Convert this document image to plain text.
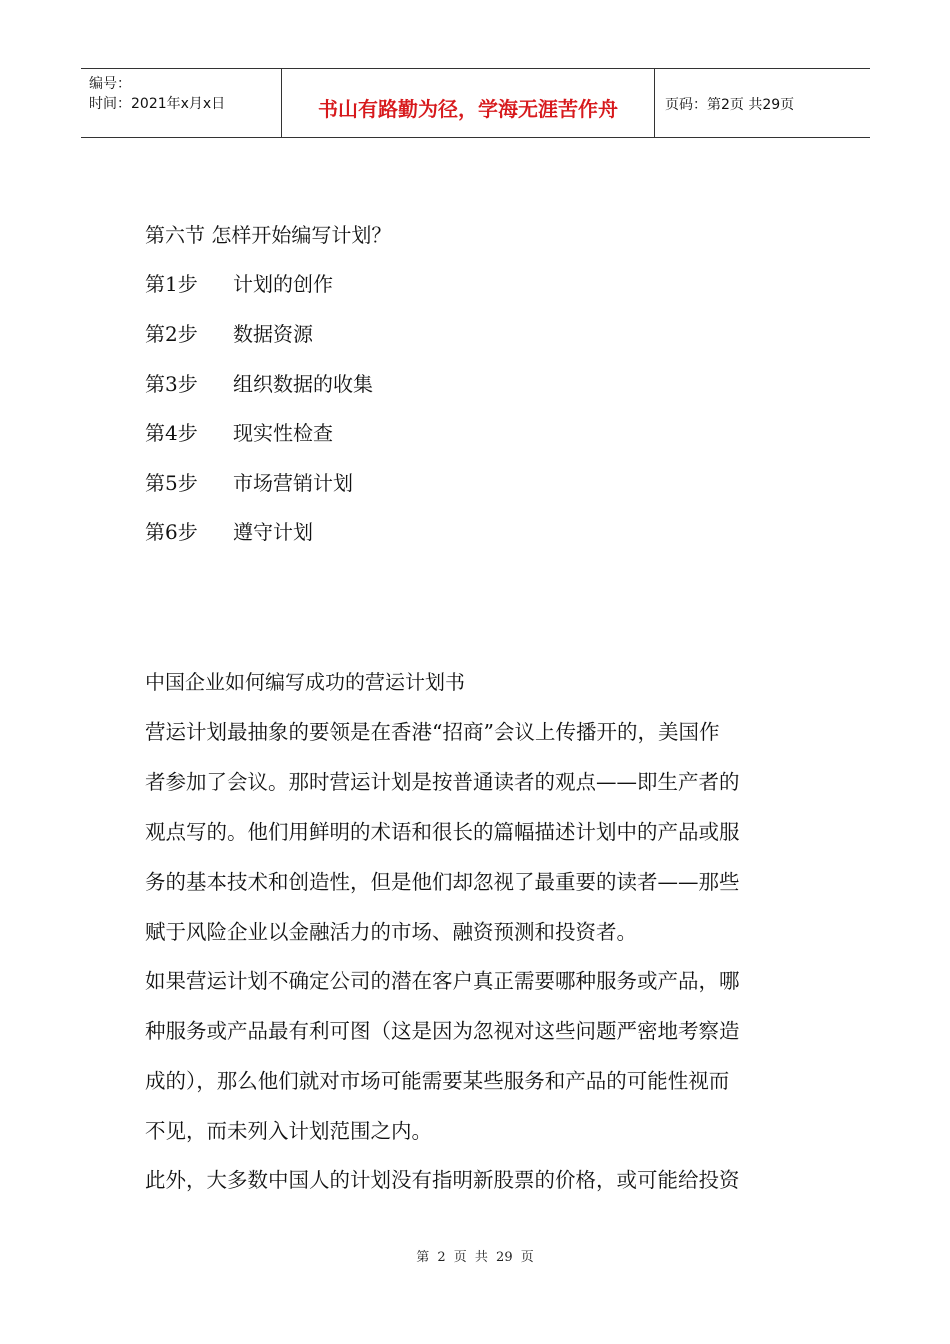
编号：
时间：2021年x月x日	书山有路勤为径，学海无涯苦作舟	页码：第2页 共29页
第六节 怎样开始编写计划？
第1步 计划的创作
第2步 数据资源
第3步 组织数据的收集
第4步 现实性检查
第5步 市场营销计划
第6步 遵守计划
中国企业如何编写成功的营运计划书
营运计划最抽象的要领是在香港“招商”会议上传播开的，美国作
者参加了会议。那时营运计划是按普通读者的观点——即生产者的
观点写的。他们用鲜明的术语和很长的篇幅描述计划中的产品或服
务的基本技术和创造性，但是他们却忽视了最重要的读者——那些
赋于风险企业以金融活力的市场、融资预测和投资者。
如果营运计划不确定公司的潜在客户真正需要哪种服务或产品，哪
种服务或产品最有利可图（这是因为忽视对这些问题严密地考察造
成的），那么他们就对市场可能需要某些服务和产品的可能性视而
不见，而未列入计划范围之内。
此外，大多数中国人的计划没有指明新股票的价格，或可能给投资
第 2 页 共 29 页
